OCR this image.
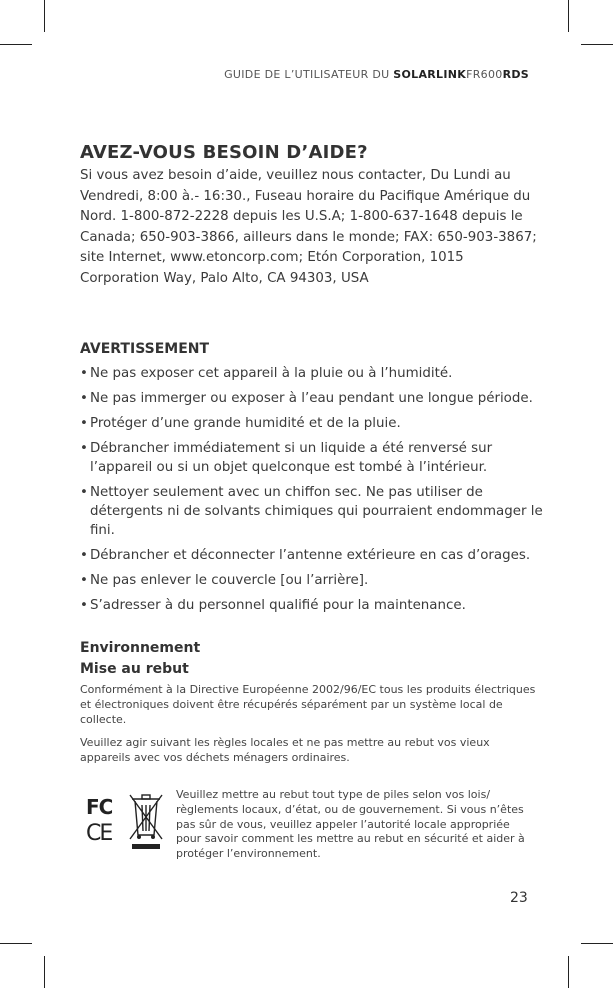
GUIDE DE L’UTILISATEUR DU SOLARLINKFR600RDS
AVEZ-VOUS BESOIN D’AIDE?
Si vous avez besoin d’aide, veuillez nous contacter, Du Lundi au Vendredi, 8:00 à.- 16:30., Fuseau horaire du Pacifique Amérique du Nord. 1-800-872-2228 depuis les U.S.A; 1-800-637-1648 depuis le Canada; 650-903-3866, ailleurs dans le monde; FAX: 650-903-3867; site Internet, www.etoncorp.com; Etón Corporation, 1015 Corporation Way, Palo Alto, CA 94303, USA
AVERTISSEMENT
• Ne pas exposer cet appareil à la pluie ou à l’humidité.
• Ne pas immerger ou exposer à l’eau pendant une longue période.
• Protéger d’une grande humidité et de la pluie.
• Débrancher immédiatement si un liquide a été renversé sur l’appareil ou si un objet quelconque est tombé à l’intérieur.
• Nettoyer seulement avec un chiffon sec. Ne pas utiliser de détergents ni de solvants chimiques qui pourraient endommager le fini.
• Débrancher et déconnecter l’antenne extérieure en cas d’orages.
• Ne pas enlever le couvercle [ou l’arrière].
• S’adresser à du personnel qualifié pour la maintenance.
Environnement
Mise au rebut
Conformément à la Directive Européenne 2002/96/EC tous les produits électriques et électroniques doivent être récupérés séparément par un système local de collecte.
Veuillez agir suivant les règles locales et ne pas mettre au rebut vos vieux appareils avec vos déchets ménagers ordinaires.
FC
CE
Veuillez mettre au rebut tout type de piles selon vos lois/ règlements locaux, d’état, ou de gouvernement. Si vous n’êtes pas sûr de vous, veuillez appeler l’autorité locale appropriée pour savoir comment les mettre au rebut en sécurité et aider à protéger l’environnement.
23
